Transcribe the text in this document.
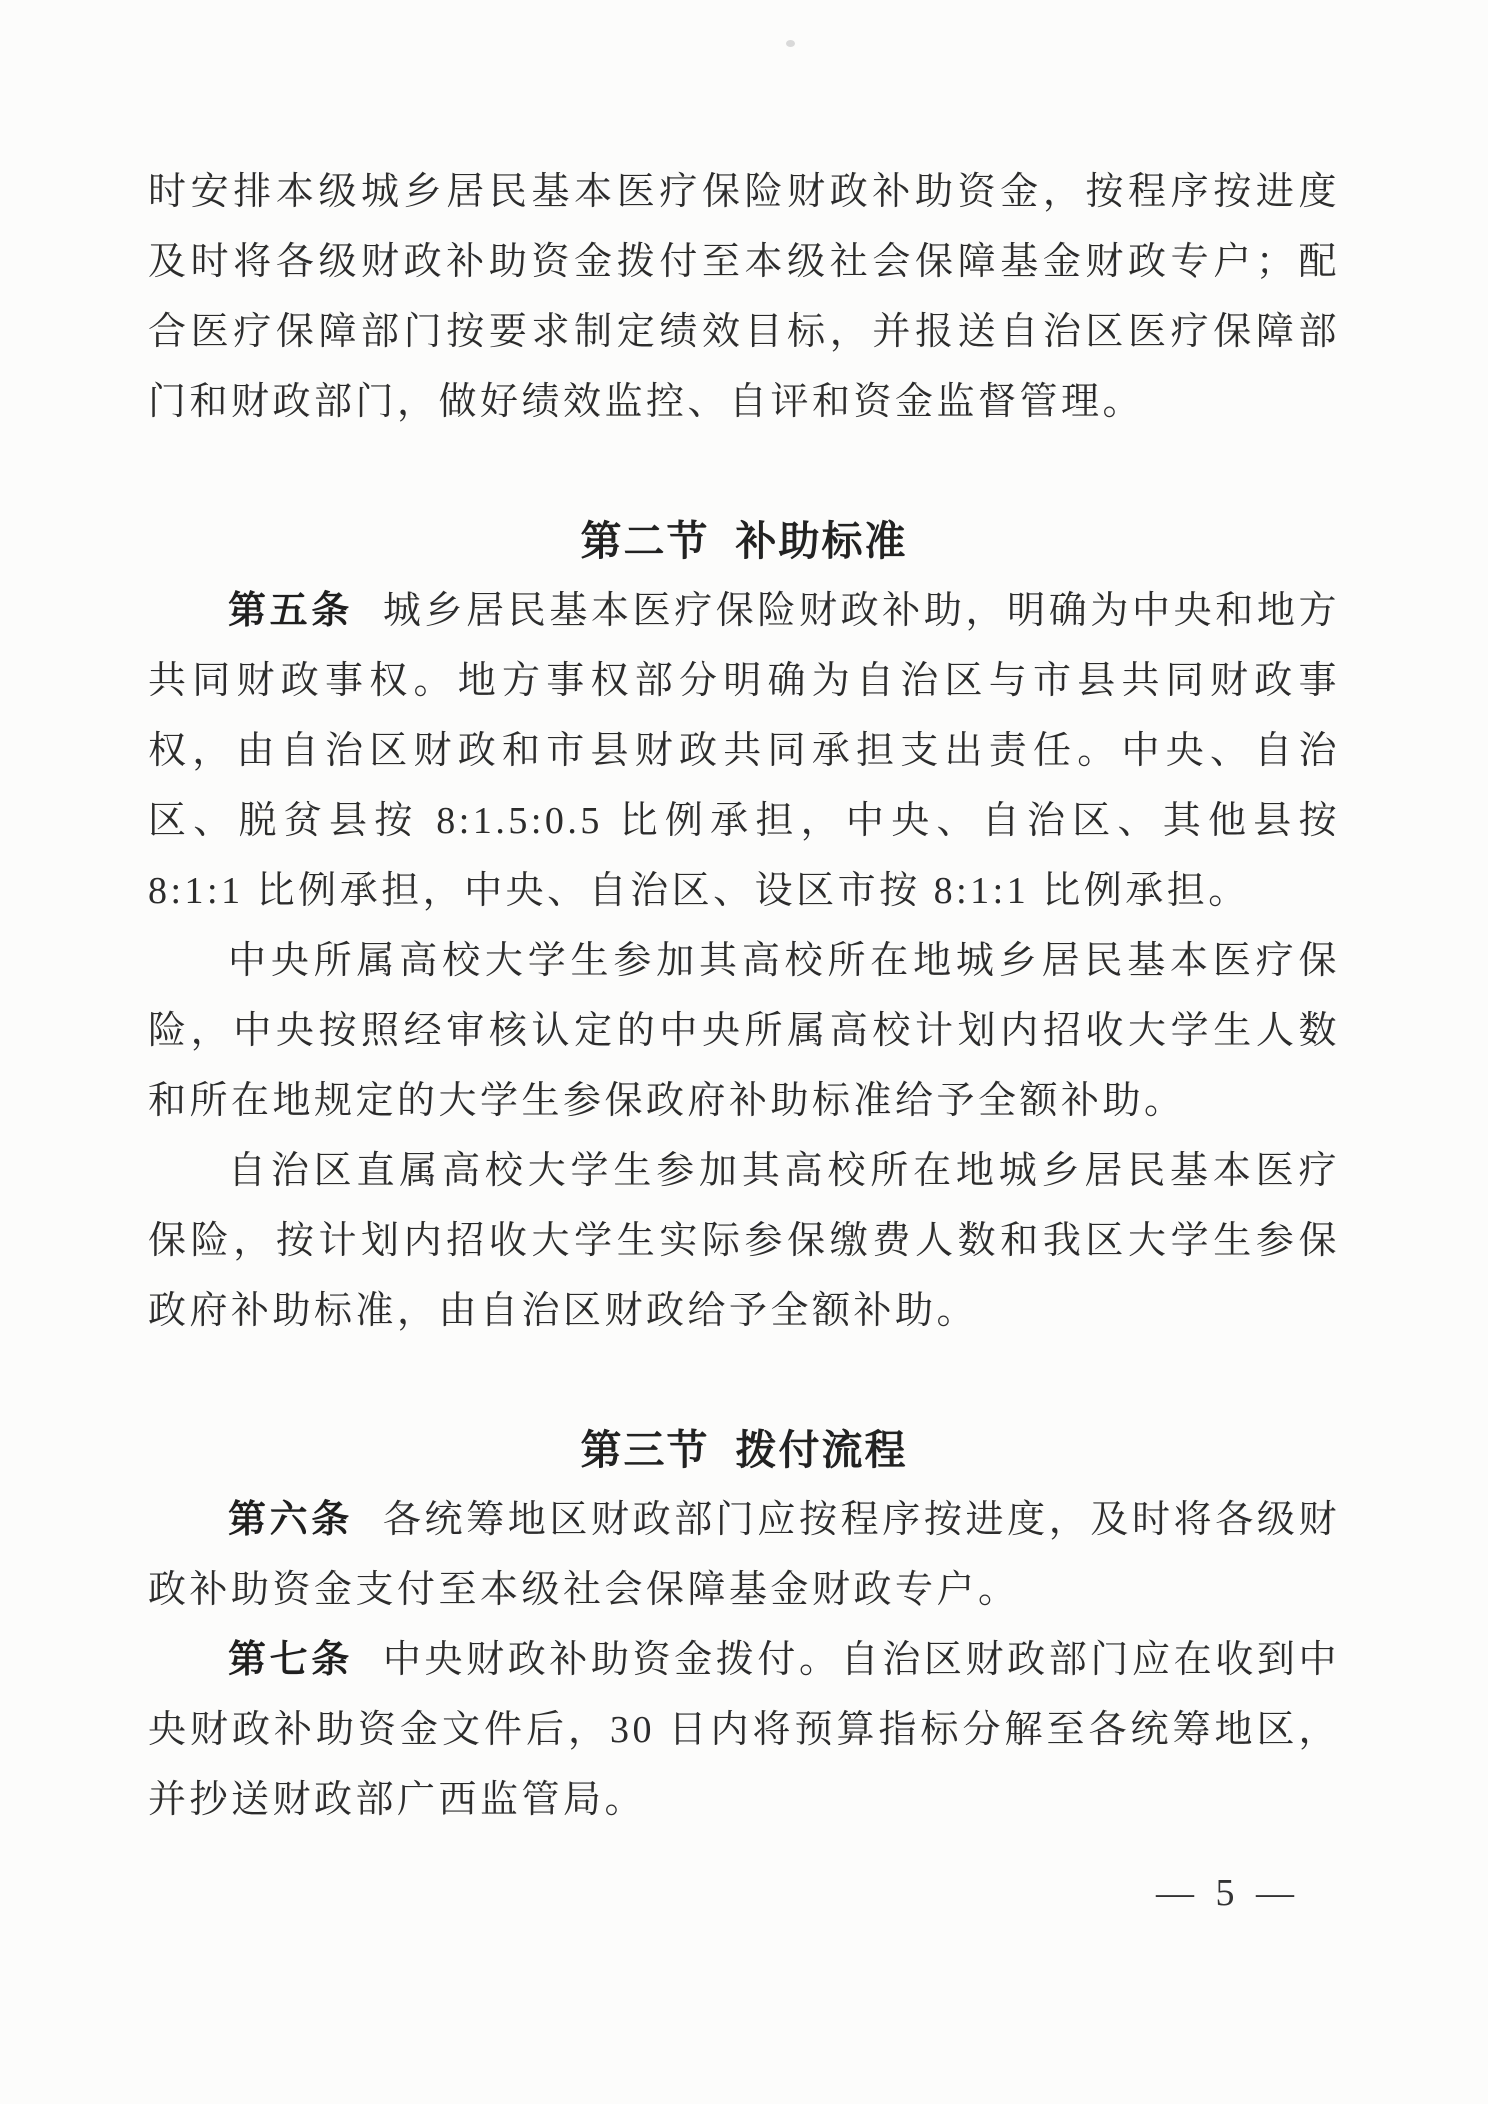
时安排本级城乡居民基本医疗保险财政补助资金，按程序按进度及时将各级财政补助资金拨付至本级社会保障基金财政专户；配合医疗保障部门按要求制定绩效目标，并报送自治区医疗保障部门和财政部门，做好绩效监控、自评和资金监督管理。

第二节 补助标准

第五条 城乡居民基本医疗保险财政补助，明确为中央和地方共同财政事权。地方事权部分明确为自治区与市县共同财政事权，由自治区财政和市县财政共同承担支出责任。中央、自治区、脱贫县按 8:1.5:0.5 比例承担，中央、自治区、其他县按 8:1:1 比例承担，中央、自治区、设区市按 8:1:1 比例承担。

中央所属高校大学生参加其高校所在地城乡居民基本医疗保险，中央按照经审核认定的中央所属高校计划内招收大学生人数和所在地规定的大学生参保政府补助标准给予全额补助。

自治区直属高校大学生参加其高校所在地城乡居民基本医疗保险，按计划内招收大学生实际参保缴费人数和我区大学生参保政府补助标准，由自治区财政给予全额补助。

第三节 拨付流程

第六条 各统筹地区财政部门应按程序按进度，及时将各级财政补助资金支付至本级社会保障基金财政专户。

第七条 中央财政补助资金拨付。自治区财政部门应在收到中央财政补助资金文件后，30 日内将预算指标分解至各统筹地区，并抄送财政部广西监管局。

— 5 —
